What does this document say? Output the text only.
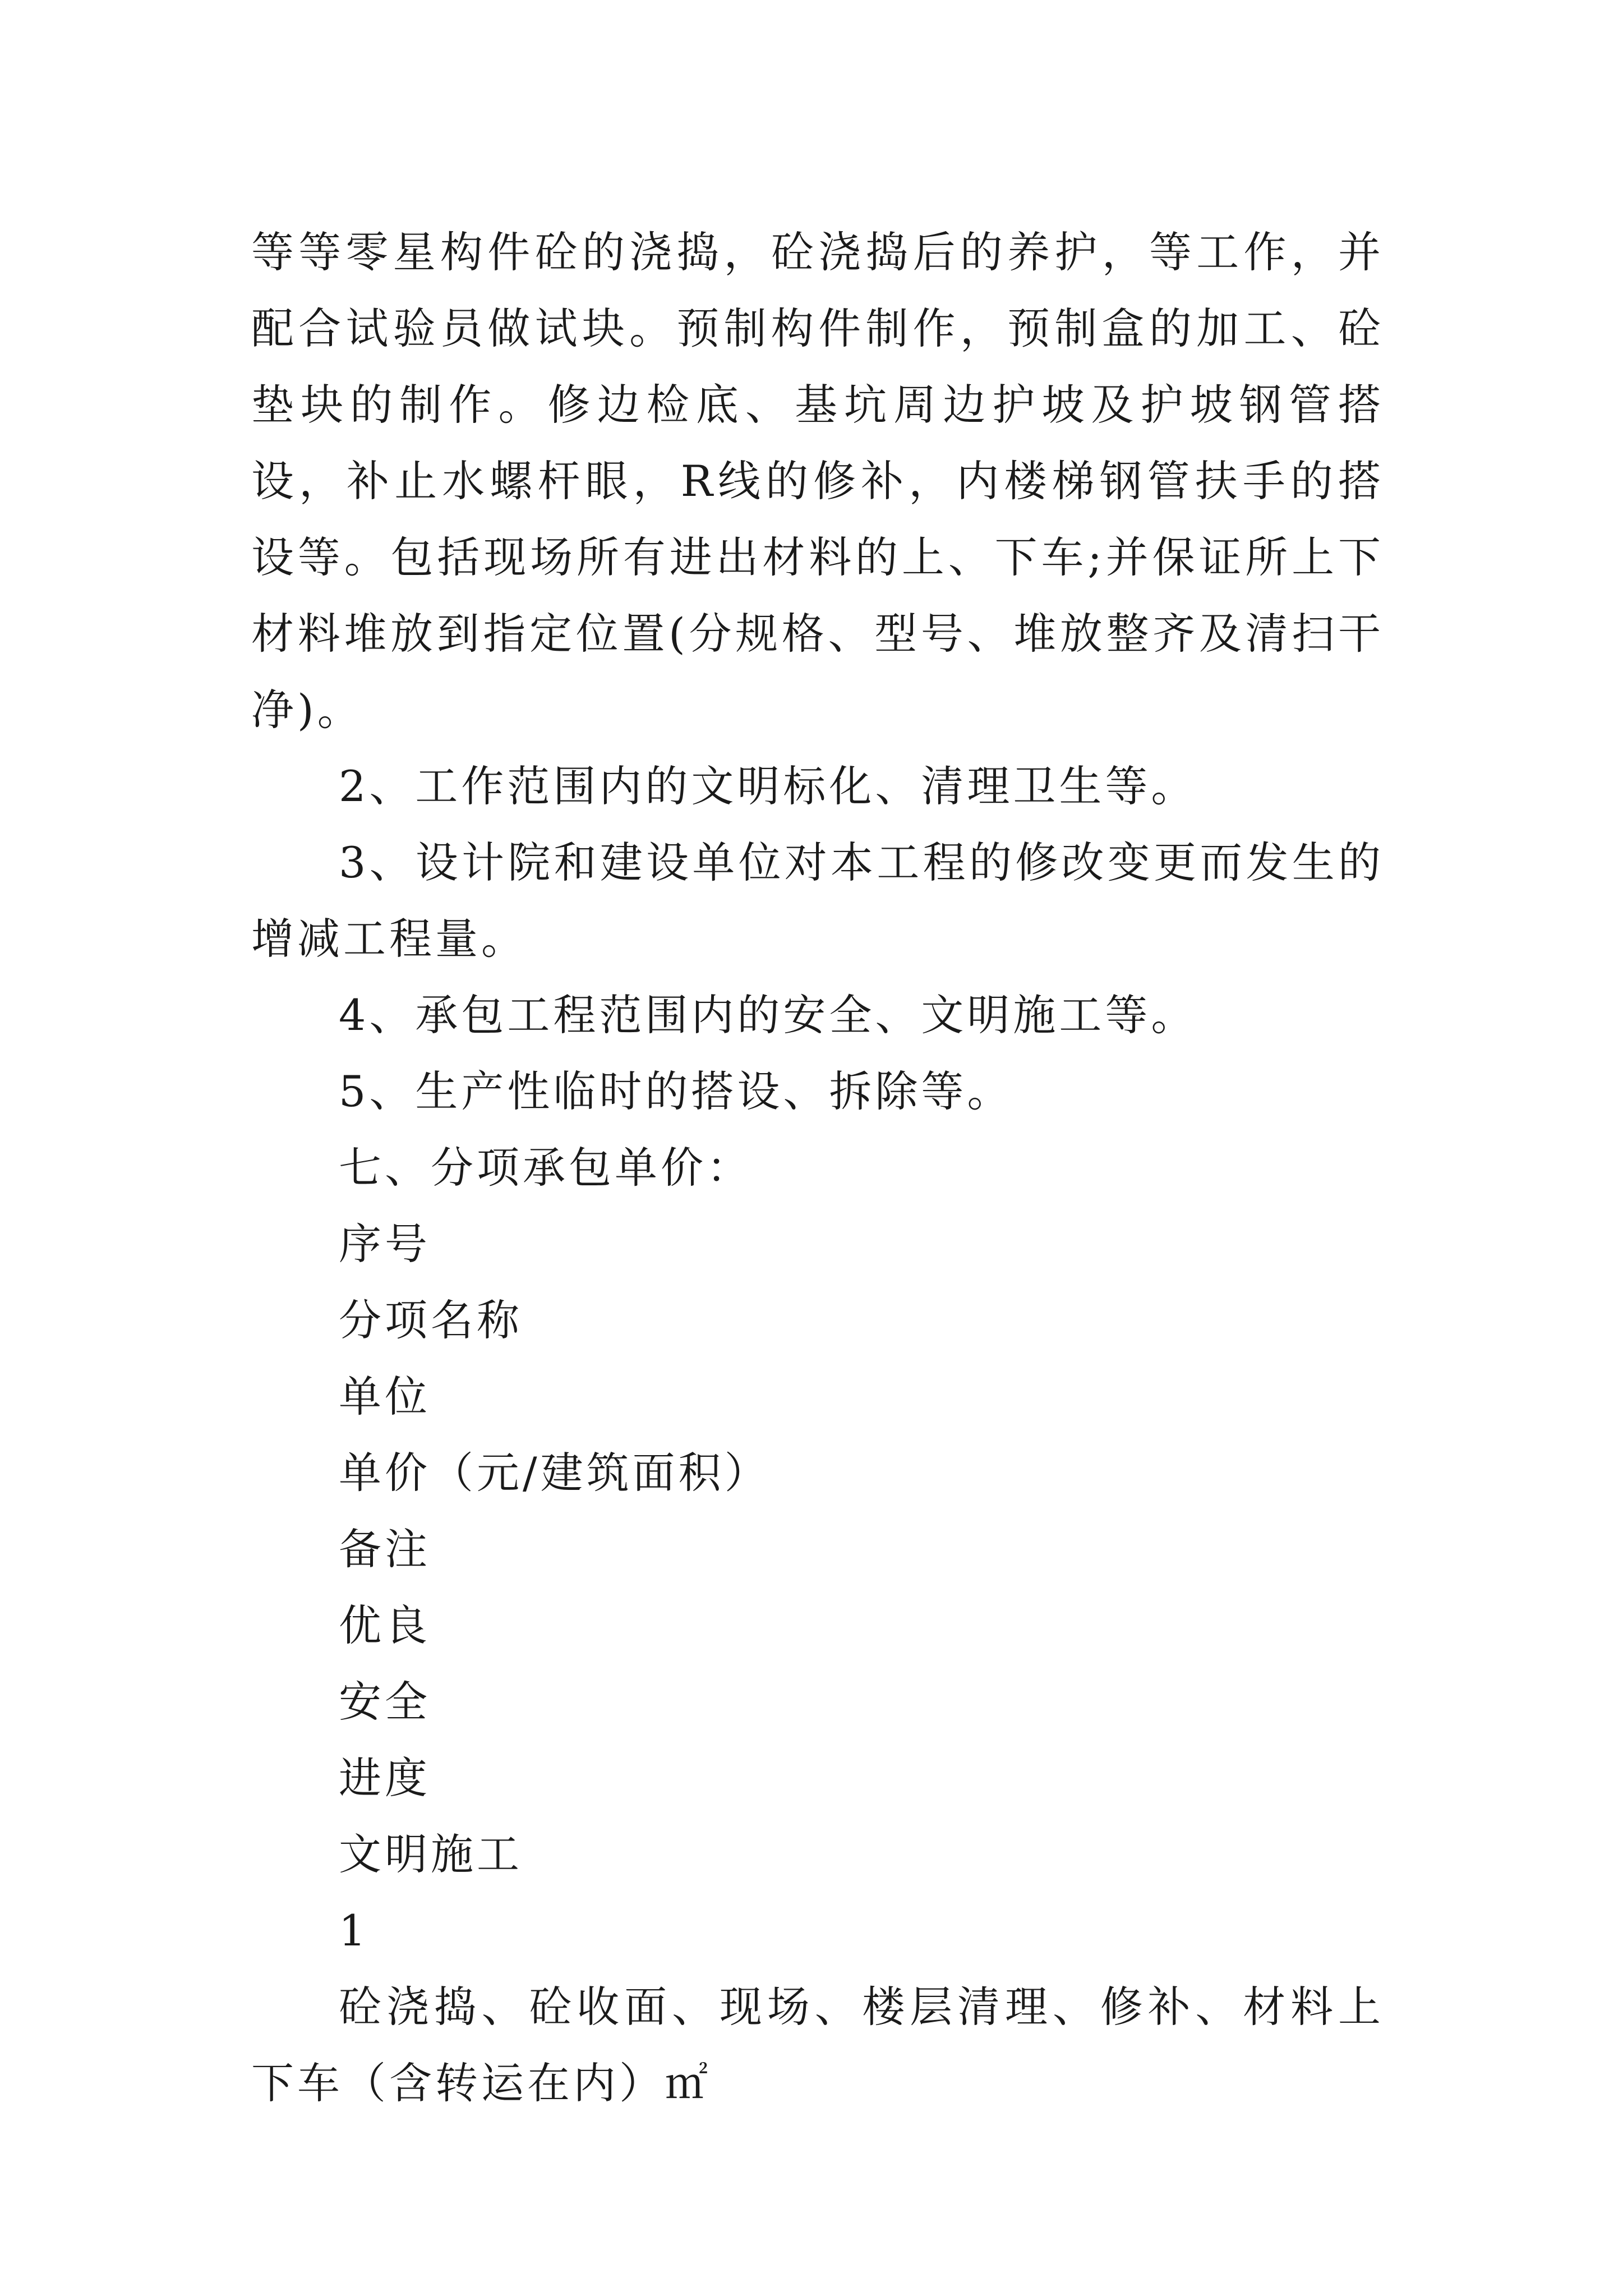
等等零星构件砼的浇捣，砼浇捣后的养护，等工作，并配合试验员做试块。预制构件制作，预制盒的加工、砼垫块的制作。修边检底、基坑周边护坡及护坡钢管搭设，补止水螺杆眼，R线的修补，内楼梯钢管扶手的搭设等。包括现场所有进出材料的上、下车;并保证所上下材料堆放到指定位置(分规格、型号、堆放整齐及清扫干净)。

2、工作范围内的文明标化、清理卫生等。

3、设计院和建设单位对本工程的修改变更而发生的增减工程量。

4、承包工程范围内的安全、文明施工等。

5、生产性临时的搭设、拆除等。

七、分项承包单价：

序号

分项名称

单位

单价（元/建筑面积）

备注

优良

安全

进度

文明施工

1

砼浇捣、砼收面、现场、楼层清理、修补、材料上下车（含转运在内）㎡
